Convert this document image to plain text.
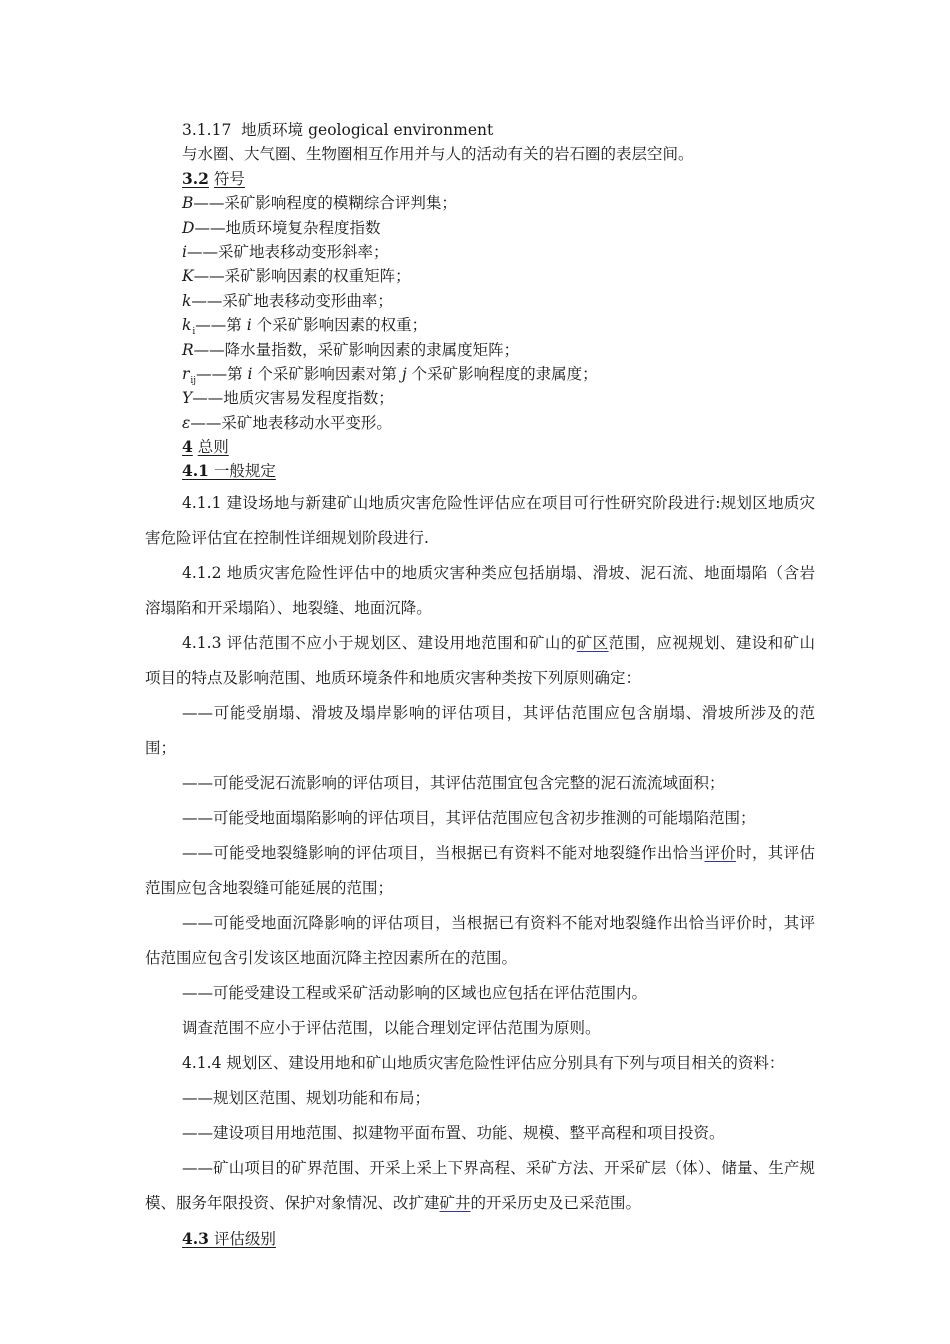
3.1.17 地质环境 geological environment
与水圈、大气圈、生物圈相互作用并与人的活动有关的岩石圈的表层空间。
3.2 符号
B——采矿影响程度的模糊综合评判集；
D——地质环境复杂程度指数
i——采矿地表移动变形斜率；
K——采矿影响因素的权重矩阵；
k——采矿地表移动变形曲率；
$k_i——$第 i 个采矿影响因素的权重；
R——降水量指数，采矿影响因素的隶属度矩阵；
$r_{ij}——$第 i 个采矿影响因素对第 j 个采矿影响程度的隶属度；
Y——地质灾害易发程度指数；
ε——采矿地表移动水平变形。
4 总则
4.1 一般规定
4.1.1 建设场地与新建矿山地质灾害危险性评估应在项目可行性研究阶段进行:规划区地质灾害危险评估宜在控制性详细规划阶段进行.
4.1.2 地质灾害危险性评估中的地质灾害种类应包括崩塌、滑坡、泥石流、地面塌陷（含岩溶塌陷和开采塌陷）、地裂缝、地面沉降。
4.1.3 评估范围不应小于规划区、建设用地范围和矿山的矿区范围，应视规划、建设和矿山项目的特点及影响范围、地质环境条件和地质灾害种类按下列原则确定：
——可能受崩塌、滑坡及塌岸影响的评估项目，其评估范围应包含崩塌、滑坡所涉及的范围；
——可能受泥石流影响的评估项目，其评估范围宜包含完整的泥石流流域面积；
——可能受地面塌陷影响的评估项目，其评估范围应包含初步推测的可能塌陷范围；
——可能受地裂缝影响的评估项目，当根据已有资料不能对地裂缝作出恰当评价时，其评估范围应包含地裂缝可能延展的范围；
——可能受地面沉降影响的评估项目，当根据已有资料不能对地裂缝作出恰当评价时，其评估范围应包含引发该区地面沉降主控因素所在的范围。
——可能受建设工程或采矿活动影响的区域也应包括在评估范围内。
调查范围不应小于评估范围，以能合理划定评估范围为原则。
4.1.4 规划区、建设用地和矿山地质灾害危险性评估应分别具有下列与项目相关的资料：
——规划区范围、规划功能和布局；
——建设项目用地范围、拟建物平面布置、功能、规模、整平高程和项目投资。
——矿山项目的矿界范围、开采上采上下界高程、采矿方法、开采矿层（体）、储量、生产规模、服务年限投资、保护对象情况、改扩建矿井的开采历史及已采范围。
4.3 评估级别
